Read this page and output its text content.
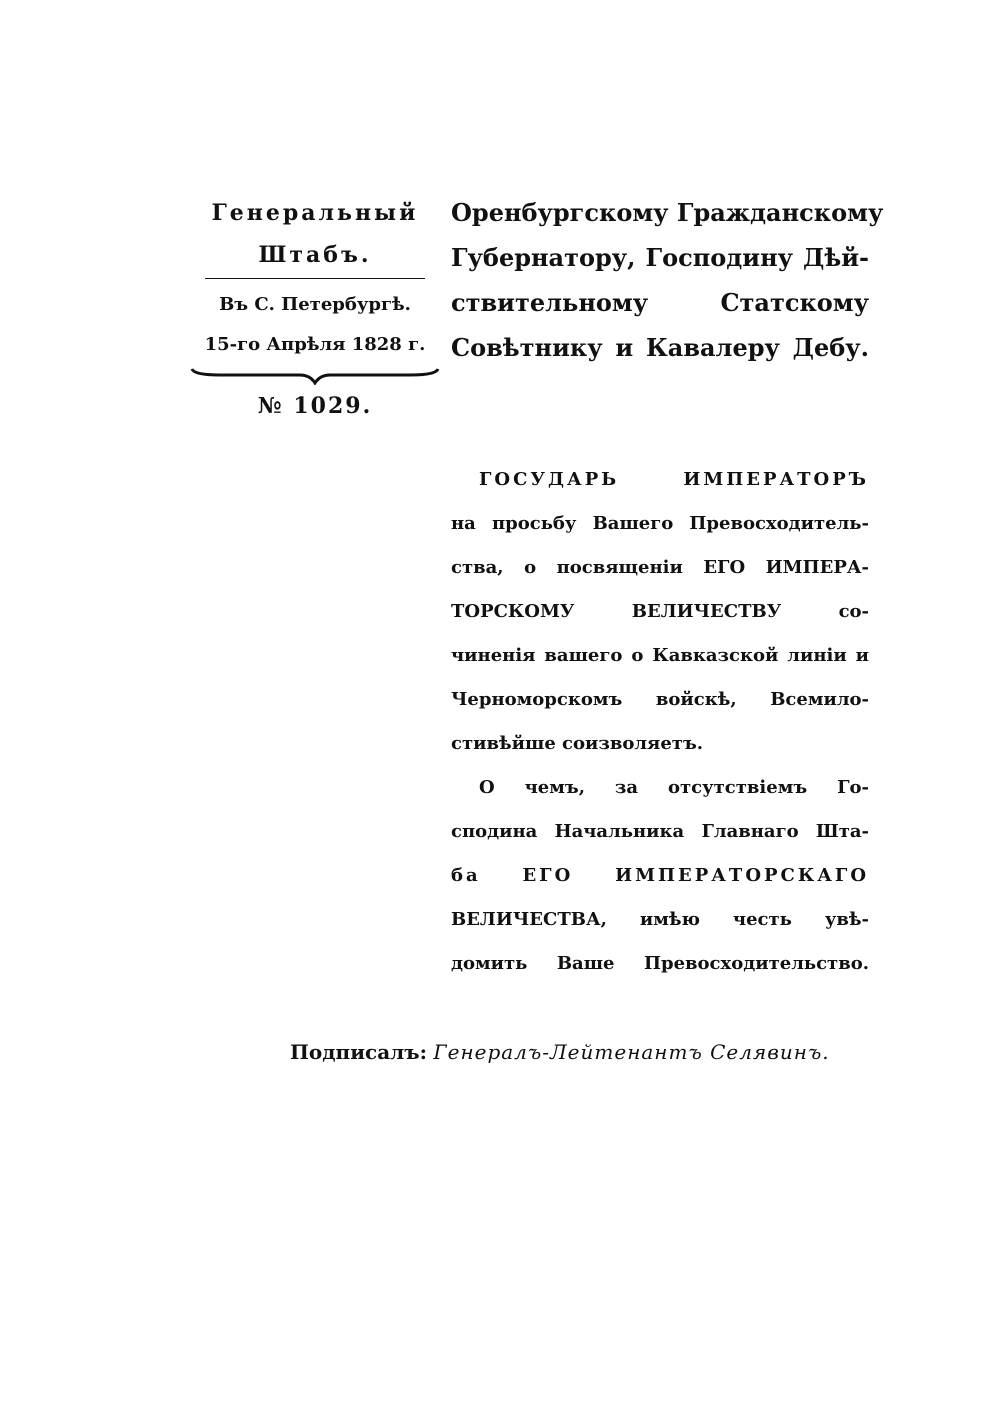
Генеральный
Штабъ.
Въ С. Петербургѣ.
15-го Апрѣля 1828 г.
№ 1029.
Оренбургскому Гражданскому
Губернатору, Господину Дѣй-
ствительному Статскому
Совѣтнику и Кавалеру Дебу.
ГОСУДАРЬ ИМПЕРАТОРЪ
на просьбу Вашего Превосходитель-
ства, о посвященіи ЕГО ИМПЕРА-
ТОРСКОМУ ВЕЛИЧЕСТВУ со-
чиненія вашего о Кавказской линіи и
Черноморскомъ войскѣ, Всемило-
стивѣйше соизволяетъ.
О чемъ, за отсутствіемъ Го-
сподина Начальника Главнаго Шта-
ба ЕГО ИМПЕРАТОРСКАГО
ВЕЛИЧЕСТВА, имѣю честь увѣ-
домить Ваше Превосходительство.
Подписалъ: Генералъ-Лейтенантъ Селявинъ.
